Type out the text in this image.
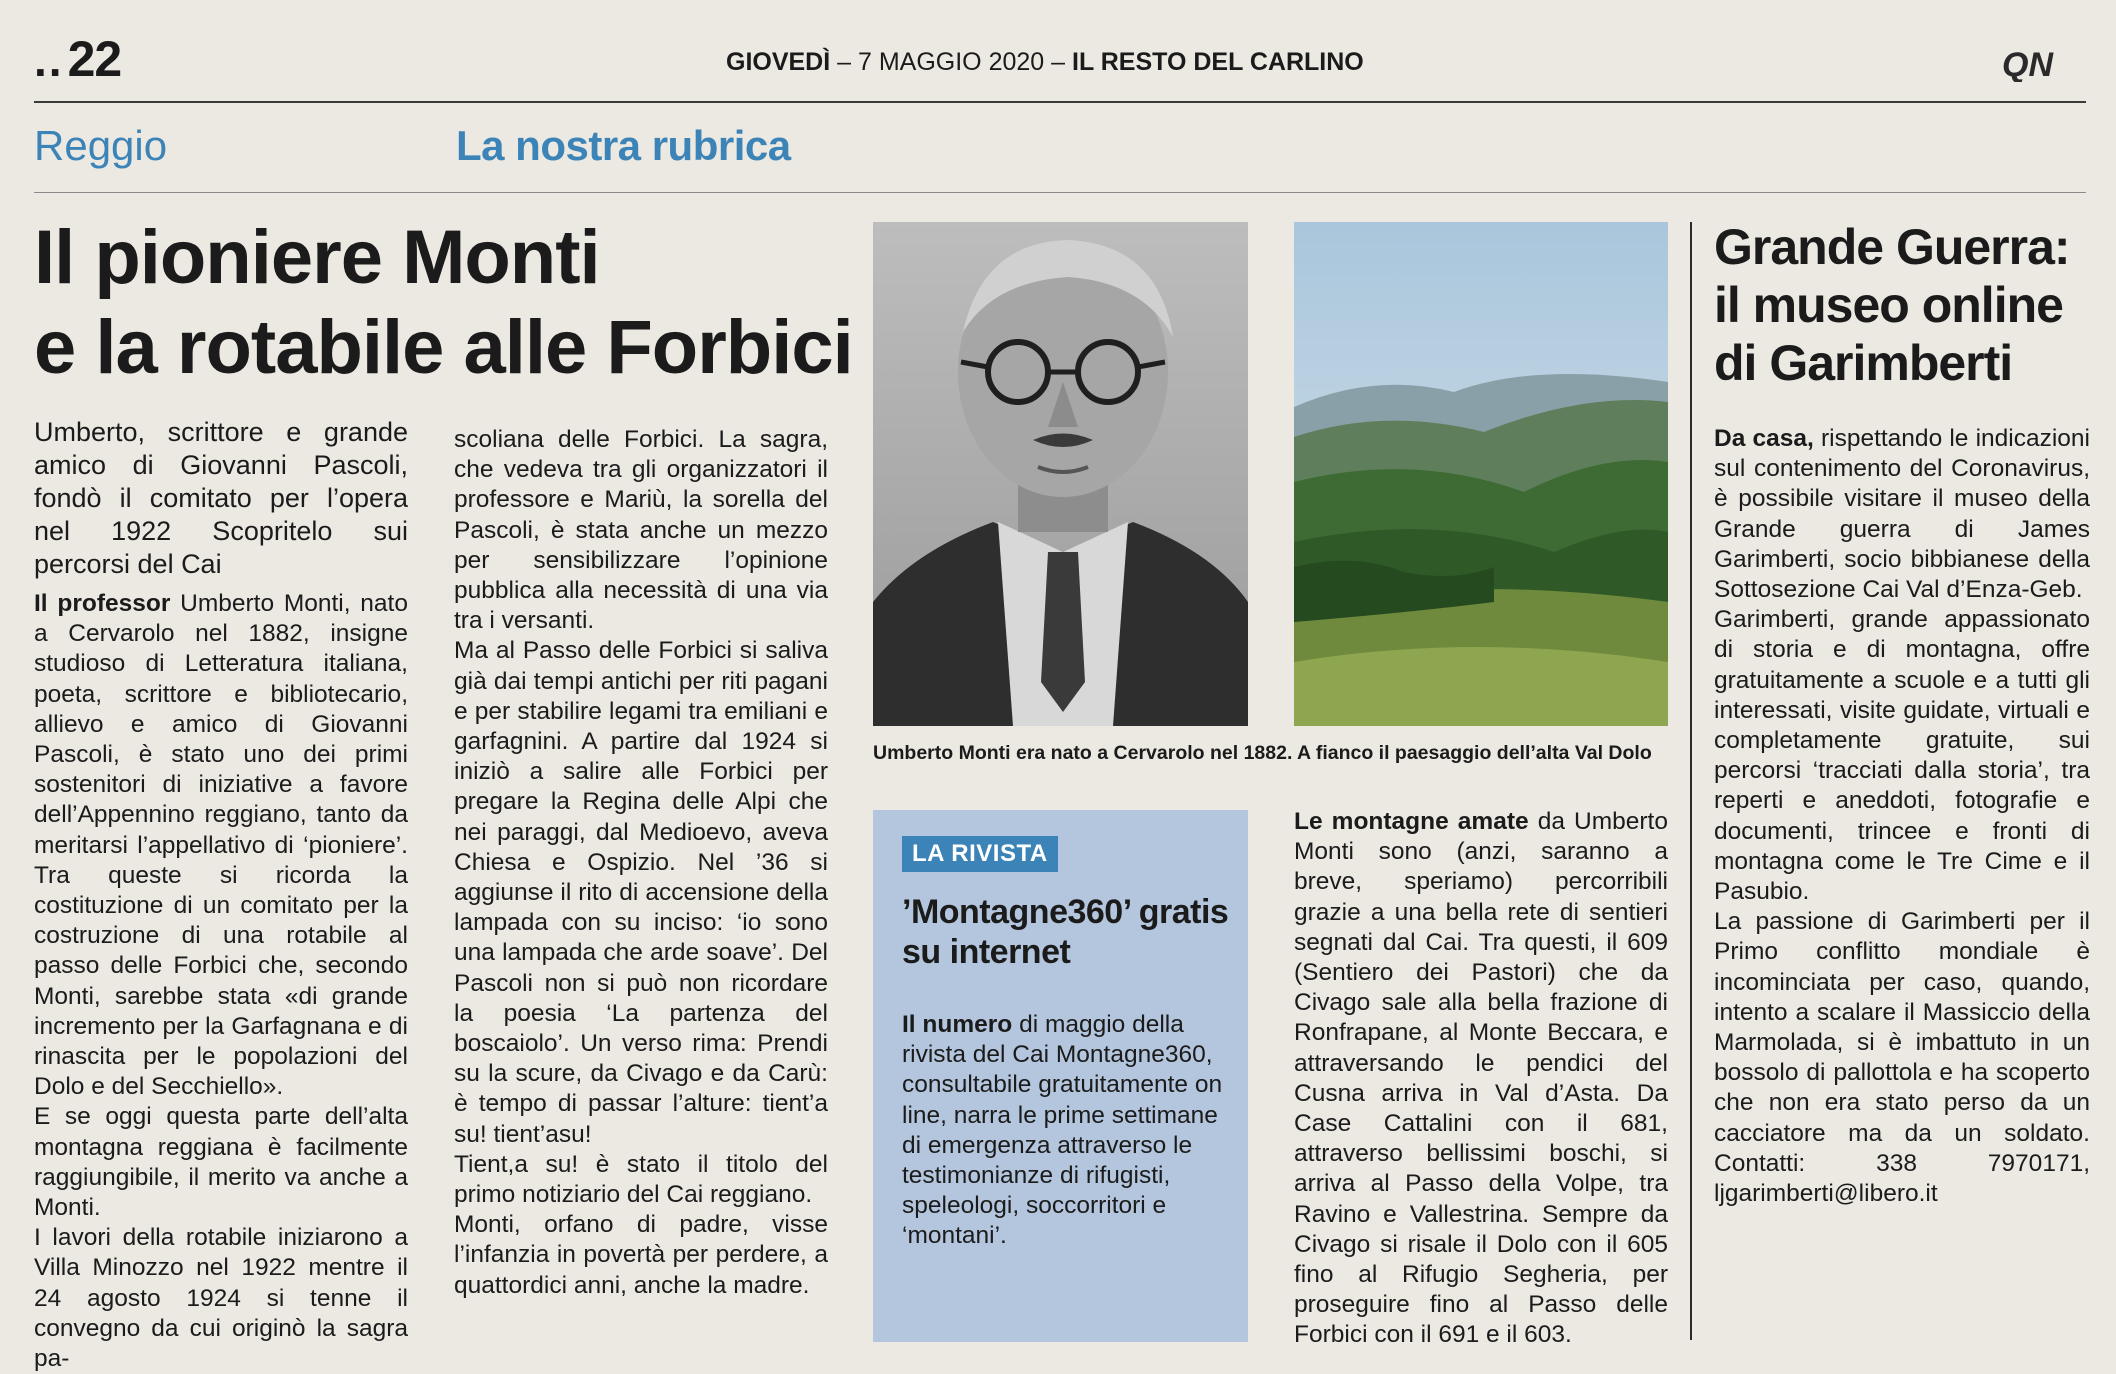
..22	GIOVEDÌ – 7 MAGGIO 2020 – IL RESTO DEL CARLINO	QN
Reggio	La nostra rubrica
Il pioniere Monti
e la rotabile alle Forbici

Umberto, scrittore e grande amico di Giovanni Pascoli, fondò il comitato per l’opera nel 1922 Scopritelo sui percorsi del Cai

Il professor Umberto Monti, nato a Cervarolo nel 1882, insigne studioso di Letteratura italiana, poeta, scrittore e bibliotecario, allievo e amico di Giovanni Pascoli, è stato uno dei primi sostenitori di iniziative a favore dell’Appennino reggiano, tanto da meritarsi l’appellativo di ‘pioniere’. Tra queste si ricorda la costituzione di un comitato per la costruzione di una rotabile al passo delle Forbici che, secondo Monti, sarebbe stata «di grande incremento per la Garfagnana e di rinascita per le popolazioni del Dolo e del Secchiello».

E se oggi questa parte dell’alta montagna reggiana è facilmente raggiungibile, il merito va anche a Monti.

I lavori della rotabile iniziarono a Villa Minozzo nel 1922 mentre il 24 agosto 1924 si tenne il convegno da cui originò la sagra pa-

scoliana delle Forbici. La sagra, che vedeva tra gli organizzatori il professore e Mariù, la sorella del Pascoli, è stata anche un mezzo per sensibilizzare l’opinione pubblica alla necessità di una via tra i versanti.

Ma al Passo delle Forbici si saliva già dai tempi antichi per riti pagani e per stabilire legami tra emiliani e garfagnini. A partire dal 1924 si iniziò a salire alle Forbici per pregare la Regina delle Alpi che nei paraggi, dal Medioevo, aveva Chiesa e Ospizio. Nel ’36 si aggiunse il rito di accensione della lampada con su inciso: ‘io sono una lampada che arde soave’. Del Pascoli non si può non ricordare la poesia ‘La partenza del boscaiolo’. Un verso rima: Prendi su la scure, da Civago e da Carù: è tempo di passar l’alture: tient’a su! tient’asu!

Tient,a su! è stato il titolo del primo notiziario del Cai reggiano.

Monti, orfano di padre, visse l’infanzia in povertà per perdere, a quattordici anni, anche la madre.

Umberto Monti era nato a Cervarolo nel 1882. A fianco il paesaggio dell’alta Val Dolo
LA RIVISTA
’Montagne360’ gratis su internet

Il numero di maggio della rivista del Cai Montagne360, consultabile gratuitamente on line, narra le prime settimane di emergenza attraverso le testimonianze di rifugisti, speleologi, soccorritori e ‘montani’.

Le montagne amate da Umberto Monti sono (anzi, saranno a breve, speriamo) percorribili grazie a una bella rete di sentieri segnati dal Cai. Tra questi, il 609 (Sentiero dei Pastori) che da Civago sale alla bella frazione di Ronfrapane, al Monte Beccara, e attraversando le pendici del Cusna arriva in Val d’Asta. Da Case Cattalini con il 681, attraverso bellissimi boschi, si arriva al Passo della Volpe, tra Ravino e Vallestrina. Sempre da Civago si risale il Dolo con il 605 fino al Rifugio Segheria, per proseguire fino al Passo delle Forbici con il 691 e il 603.

Grande Guerra:
il museo online
di Garimberti

Da casa, rispettando le indicazioni sul contenimento del Coronavirus, è possibile visitare il museo della Grande guerra di James Garimberti, socio bibbianese della Sottosezione Cai Val d’Enza-Geb.

Garimberti, grande appassionato di storia e di montagna, offre gratuitamente a scuole e a tutti gli interessati, visite guidate, virtuali e completamente gratuite, sui percorsi ‘tracciati dalla storia’, tra reperti e aneddoti, fotografie e documenti, trincee e fronti di montagna come le Tre Cime e il Pasubio.

La passione di Garimberti per il Primo conflitto mondiale è incominciata per caso, quando, intento a scalare il Massiccio della Marmolada, si è imbattuto in un bossolo di pallottola e ha scoperto che non era stato perso da un cacciatore ma da un soldato. Contatti: 338 7970171, ljgarimberti@libero.it
